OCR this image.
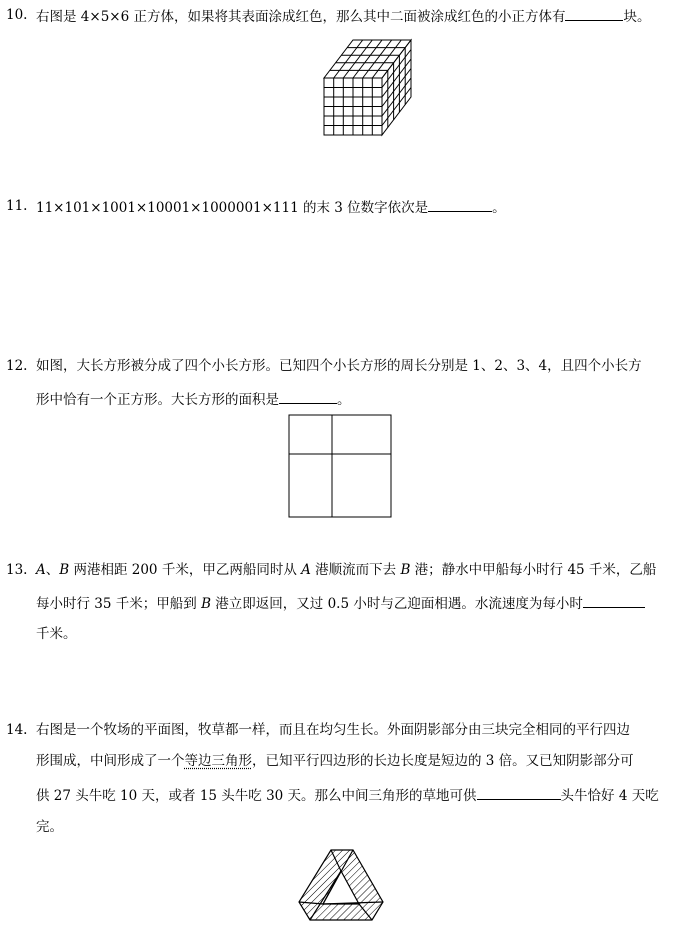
10. 右图是 4×5×6 正方体，如果将其表面涂成红色，那么其中二面被涂成红色的小正方体有	块。
11. 11×101×1001×10001×1000001×111 的末 3 位数字依次是	。
12. 如图，大长方形被分成了四个小长方形。已知四个小长方形的周长分别是 1、2、3、4，且四个小长方
形中恰有一个正方形。大长方形的面积是	。
13. A、B 两港相距 200 千米，甲乙两船同时从 A 港顺流而下去 B 港；静水中甲船每小时行 45 千米，乙船
每小时行 35 千米；甲船到 B 港立即返回，又过 0.5 小时与乙迎面相遇。水流速度为每小时
千米。
14. 右图是一个牧场的平面图，牧草都一样，而且在均匀生长。外面阴影部分由三块完全相同的平行四边
形围成，中间形成了一个等边三角形，已知平行四边形的长边长度是短边的 3 倍。又已知阴影部分可
供 27 头牛吃 10 天，或者 15 头牛吃 30 天。那么中间三角形的草地可供	头牛恰好 4 天吃
完。
